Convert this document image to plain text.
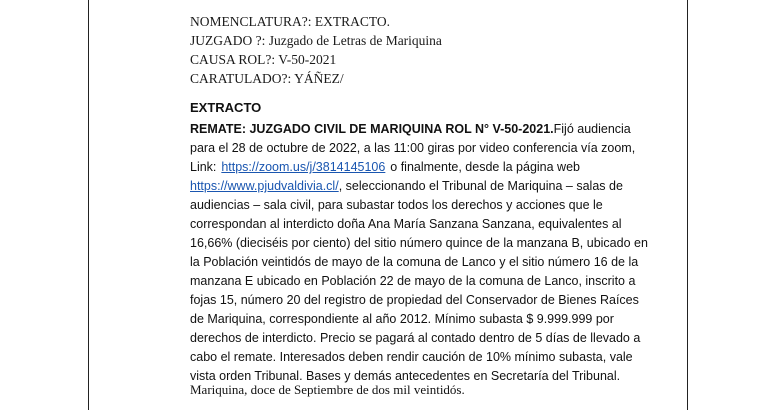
NOMENCLATURA?: EXTRACTO.
JUZGADO ?: Juzgado de Letras de Mariquina
CAUSA ROL?: V-50-2021
CARATULADO?: YÁÑEZ/
EXTRACTO
REMATE: JUZGADO CIVIL DE MARIQUINA ROL N° V-50-2021. Fijó audiencia
para el 28 de octubre de 2022, a las 11:00 giras por video conferencia vía zoom,
Link: https://zoom.us/j/3814145106 o finalmente, desde la página web
https://www.pjudvaldivia.cl/, seleccionando el Tribunal de Mariquina – salas de
audiencias – sala civil, para subastar todos los derechos y acciones que le
correspondan al interdicto doña Ana María Sanzana Sanzana, equivalentes al
16,66% (dieciséis por ciento) del sitio número quince de la manzana B, ubicado en
la Población veintidós de mayo de la comuna de Lanco y el sitio número 16 de la
manzana E ubicado en Población 22 de mayo de la comuna de Lanco, inscrito a
fojas 15, número 20 del registro de propiedad del Conservador de Bienes Raíces
de Mariquina, correspondiente al año 2012. Mínimo subasta $ 9.999.999 por
derechos de interdicto. Precio se pagará al contado dentro de 5 días de llevado a
cabo el remate. Interesados deben rendir caución de 10% mínimo subasta, vale
vista orden Tribunal. Bases y demás antecedentes en Secretaría del Tribunal.
Mariquina, doce de Septiembre de dos mil veintidós.
